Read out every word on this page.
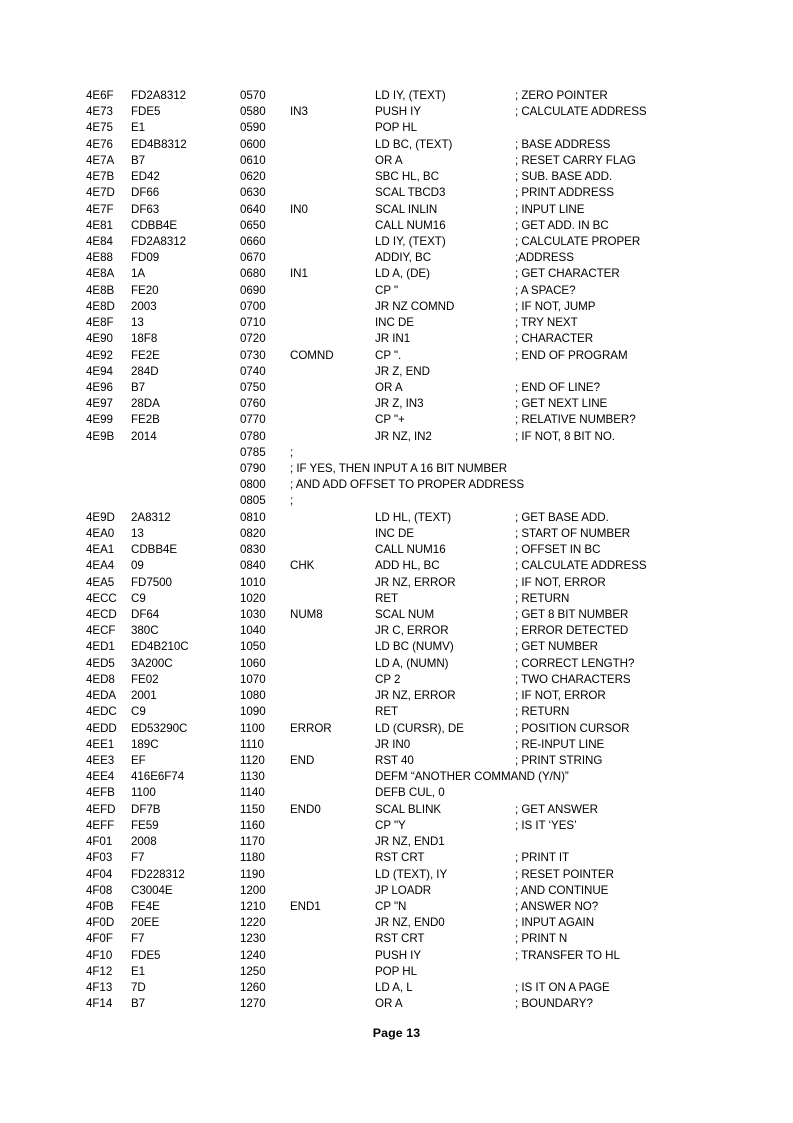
4E6F FD2A8312	0570	LD IY, (TEXT)	; ZERO POINTER
4E73 FDE5	0580 IN3	PUSH IY	; CALCULATE ADDRESS
4E75 E1	0590	POP HL
4E76 ED4B8312	0600	LD BC, (TEXT)	; BASE ADDRESS
4E7A B7	0610	OR A	; RESET CARRY FLAG
4E7B ED42	0620	SBC HL, BC	; SUB. BASE ADD.
4E7D DF66	0630	SCAL TBCD3	; PRINT ADDRESS
4E7F DF63	0640 IN0	SCAL INLIN	; INPUT LINE
4E81 CDBB4E	0650	CALL NUM16	; GET ADD. IN BC
4E84 FD2A8312	0660	LD IY, (TEXT)	; CALCULATE PROPER
4E88 FD09	0670	ADDIY, BC	;ADDRESS
4E8A 1A	0680 IN1	LD A, (DE)	; GET CHARACTER
4E8B FE20	0690	CP "	; A SPACE?
4E8D 2003	0700	JR NZ COMND	; IF NOT, JUMP
4E8F 13	0710	INC DE	; TRY NEXT
4E90 18F8	0720	JR IN1	; CHARACTER
4E92 FE2E	0730 COMND	CP ".	; END OF PROGRAM
4E94 284D	0740	JR Z, END
4E96 B7	0750	OR A	; END OF LINE?
4E97 28DA	0760	JR Z, IN3	; GET NEXT LINE
4E99 FE2B	0770	CP "+	; RELATIVE NUMBER?
4E9B 2014	0780	JR NZ, IN2	; IF NOT, 8 BIT NO.
0785 ;
0790 ; IF YES, THEN INPUT A 16 BIT NUMBER
0800 ; AND ADD OFFSET TO PROPER ADDRESS
0805 ;
4E9D 2A8312	0810	LD HL, (TEXT)	; GET BASE ADD.
4EA0 13	0820	INC DE	; START OF NUMBER
4EA1 CDBB4E	0830	CALL NUM16	; OFFSET IN BC
4EA4 09	0840 CHK	ADD HL, BC	; CALCULATE ADDRESS
4EA5 FD7500	1010	JR NZ, ERROR	; IF NOT, ERROR
4ECC C9	1020	RET	; RETURN
4ECD DF64	1030 NUM8	SCAL NUM	; GET 8 BIT NUMBER
4ECF 380C	1040	JR C, ERROR	; ERROR DETECTED
4ED1 ED4B210C	1050	LD BC (NUMV)	; GET NUMBER
4ED5 3A200C	1060	LD A, (NUMN)	; CORRECT LENGTH?
4ED8 FE02	1070	CP 2	; TWO CHARACTERS
4EDA 2001	1080	JR NZ, ERROR	; IF NOT, ERROR
4EDC C9	1090	RET	; RETURN
4EDD ED53290C	1100 ERROR	LD (CURSR), DE	; POSITION CURSOR
4EE1 189C	1110	JR IN0	; RE-INPUT LINE
4EE3 EF	1120 END	RST 40	; PRINT STRING
4EE4 416E6F74	1130	DEFM “ANOTHER COMMAND (Y/N)”
4EFB 1100	1140	DEFB CUL, 0
4EFD DF7B	1150 END0	SCAL BLINK	; GET ANSWER
4EFF FE59	1160	CP "Y	; IS IT ‘YES’
4F01 2008	1170	JR NZ, END1
4F03 F7	1180	RST CRT	; PRINT IT
4F04 FD228312	1190	LD (TEXT), IY	; RESET POINTER
4F08 C3004E	1200	JP LOADR	; AND CONTINUE
4F0B FE4E	1210 END1	CP "N	; ANSWER NO?
4F0D 20EE	1220	JR NZ, END0	; INPUT AGAIN
4F0F F7	1230	RST CRT	; PRINT N
4F10 FDE5	1240	PUSH IY	; TRANSFER TO HL
4F12 E1	1250	POP HL
4F13 7D	1260	LD A, L	; IS IT ON A PAGE
4F14 B7	1270	OR A	; BOUNDARY?
Page 13
